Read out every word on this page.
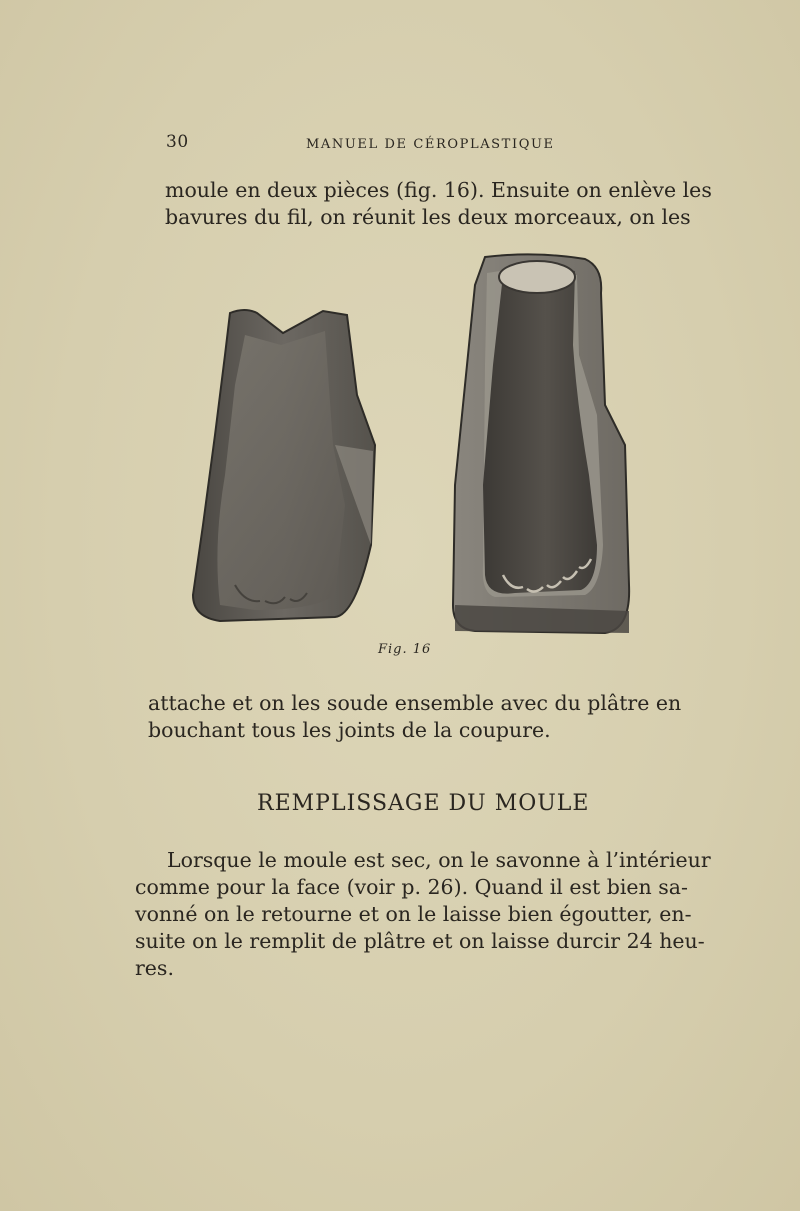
30	MANUEL DE CÉROPLASTIQUE
moule en deux pièces (fig. 16). Ensuite on enlève les
bavures du fil, on réunit les deux morceaux, on les
Fig. 16
attache et on les soude ensemble avec du plâtre en
bouchant tous les joints de la coupure.
REMPLISSAGE DU MOULE
Lorsque le moule est sec, on le savonne à l’intérieur
comme pour la face (voir p. 26). Quand il est bien sa-
vonné on le retourne et on le laisse bien égoutter, en-
suite on le remplit de plâtre et on laisse durcir 24 heu-
res.
